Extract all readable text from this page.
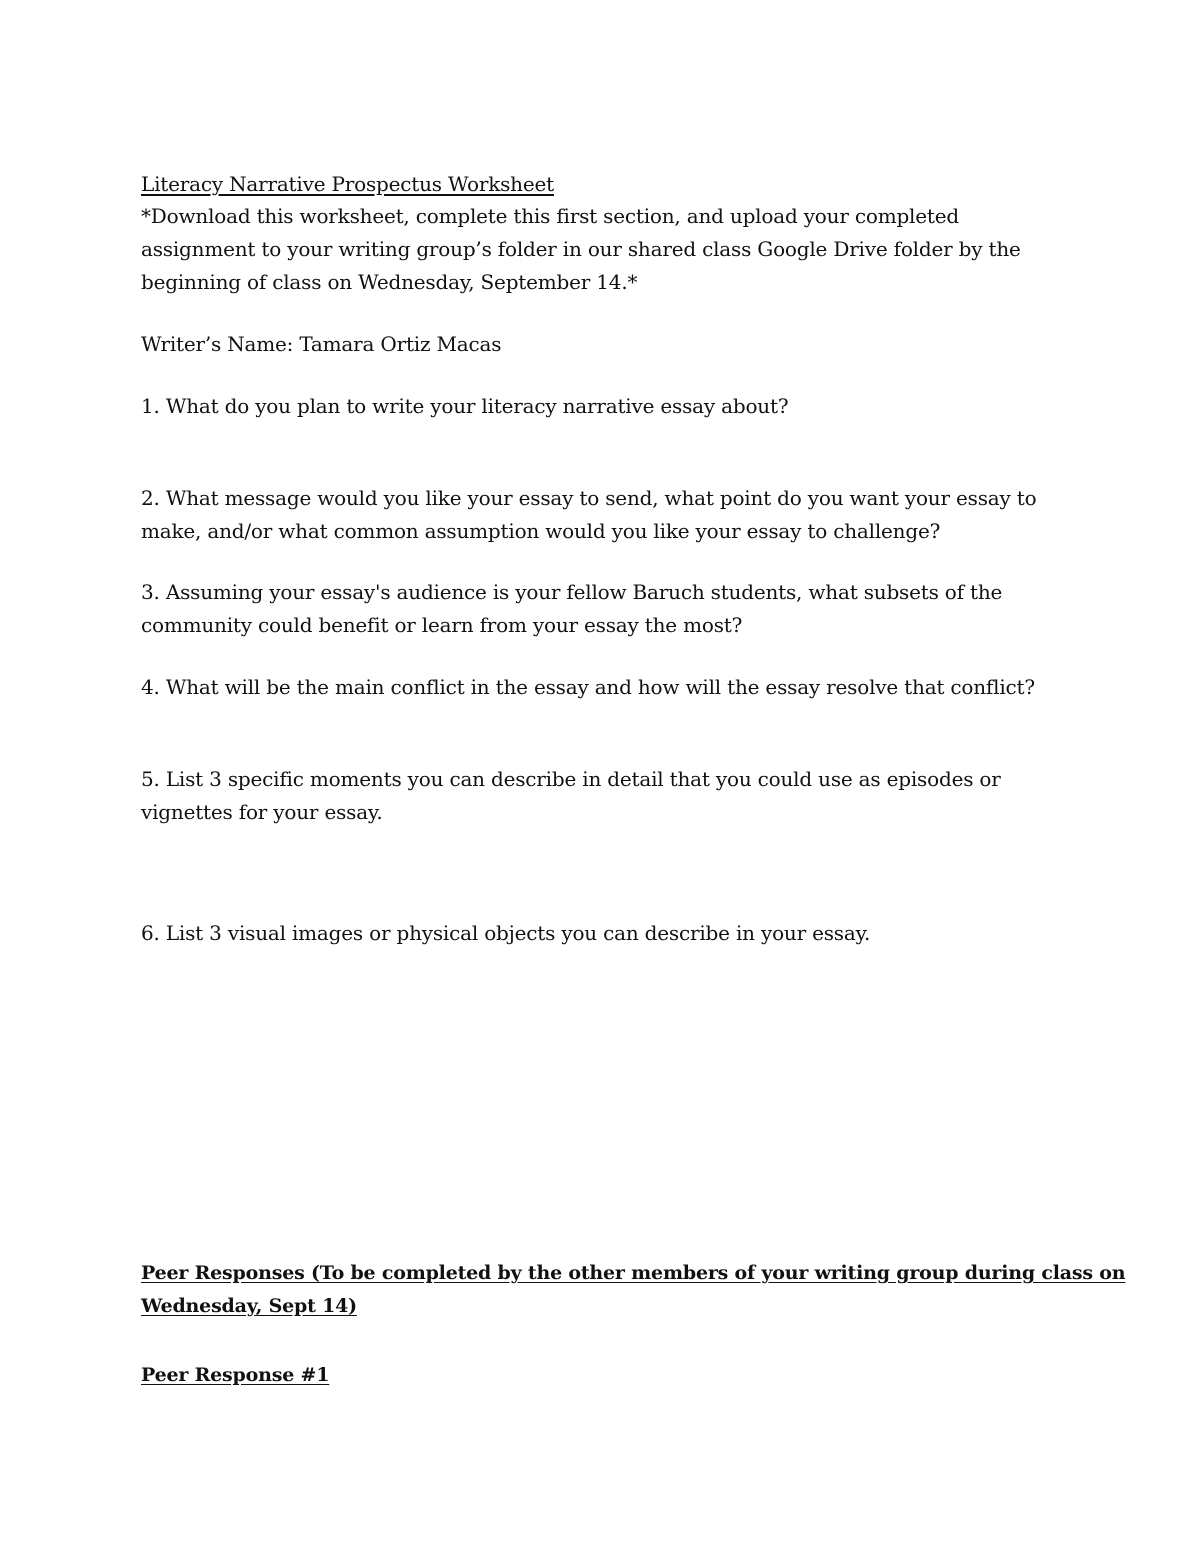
Literacy Narrative Prospectus Worksheet
*Download this worksheet, complete this first section, and upload your completed
assignment to your writing group’s folder in our shared class Google Drive folder by the
beginning of class on Wednesday, September 14.*
Writer’s Name: Tamara Ortiz Macas
1. What do you plan to write your literacy narrative essay about?
2. What message would you like your essay to send, what point do you want your essay to
make, and/or what common assumption would you like your essay to challenge?
3. Assuming your essay's audience is your fellow Baruch students, what subsets of the
community could benefit or learn from your essay the most?
4. What will be the main conflict in the essay and how will the essay resolve that conflict?
5. List 3 specific moments you can describe in detail that you could use as episodes or
vignettes for your essay.
6. List 3 visual images or physical objects you can describe in your essay.
Peer Responses (To be completed by the other members of your writing group during class on
Wednesday, Sept 14)
Peer Response #1
